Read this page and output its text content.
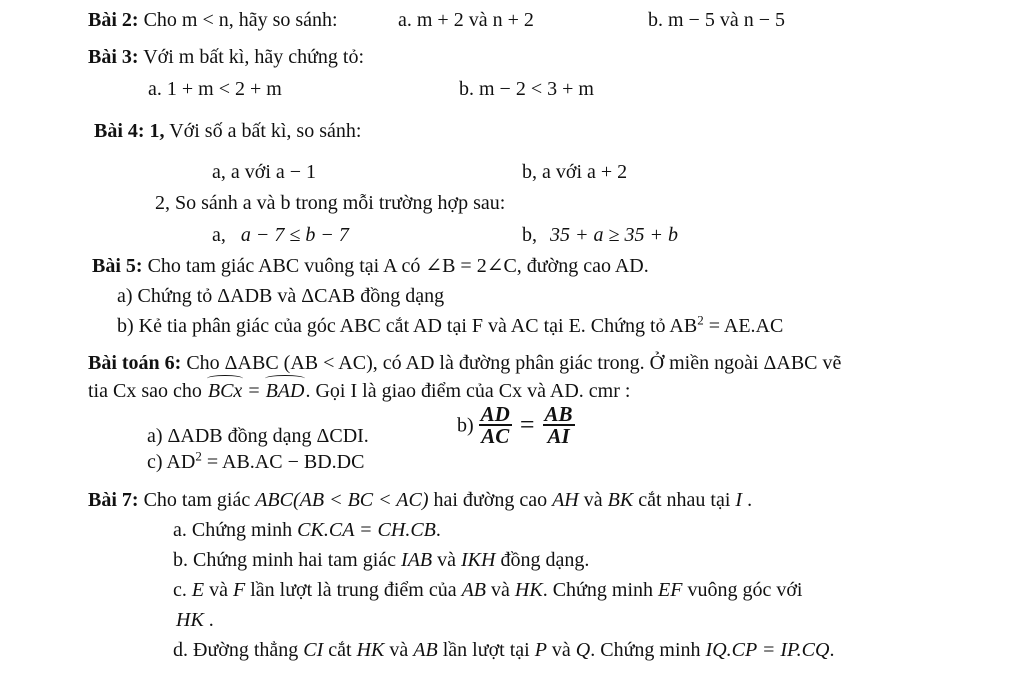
Bài 2: Cho m < n, hãy so sánh:	a. m + 2 và n + 2	b. m − 5 và n − 5
Bài 3: Với m bất kì, hãy chứng tỏ:
a. 1 + m < 2 + m	b. m − 2 < 3 + m
Bài 4: 1, Với số a bất kì, so sánh:
a, a với a − 1	b, a với a + 2
2, So sánh a và b trong mỗi trường hợp sau:
a, a − 7 ≤ b − 7	b, 35 + a ≥ 35 + b
Bài 5: Cho tam giác ABC vuông tại A có ∠B = 2∠C, đường cao AD.
a) Chứng tỏ ΔADB và ΔCAB đồng dạng
b) Kẻ tia phân giác của góc ABC cắt AD tại F và AC tại E. Chứng tỏ $AB^2 = AE.AC$
Bài toán 6: Cho ΔABC (AB < AC), có AD là đường phân giác trong. Ở miền ngoài ΔABC vẽ
tia Cx sao cho BCx = BAD. Gọi I là giao điểm của Cx và AD. cmr :
a) ΔADB đồng dạng ΔCDI.	$b) \frac{AD}{AC} = \frac{AB}{AI}$
c) $AD^2 = AB.AC - BD.DC$
Bài 7: Cho tam giác ABC(AB < BC < AC) hai đường cao AH và BK cắt nhau tại I .
a. Chứng minh CK.CA = CH.CB.
b. Chứng minh hai tam giác IAB và IKH đồng dạng.
c. E và F lần lượt là trung điểm của AB và HK. Chứng minh EF vuông góc với
HK .
d. Đường thẳng CI cắt HK và AB lần lượt tại P và Q. Chứng minh IQ.CP = IP.CQ.
